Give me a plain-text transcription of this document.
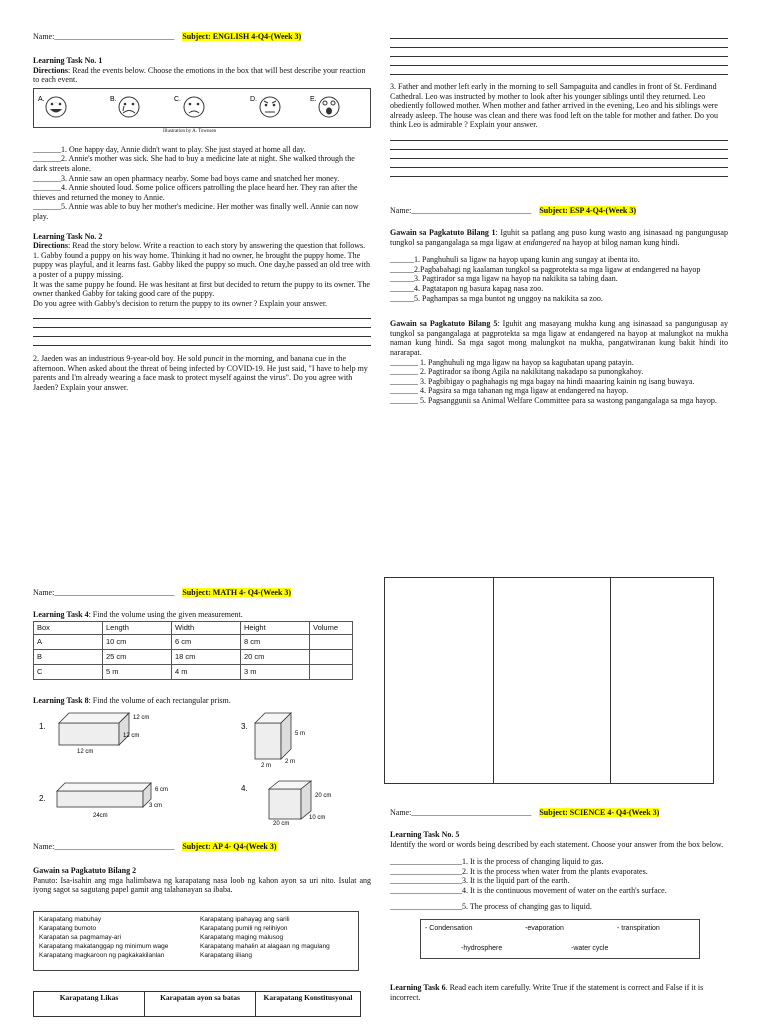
Name:______________________________ Subject: ENGLISH 4-Q4-(Week 3)

Learning Task No. 1

Directions: Read the events below. Choose the emotions in the box that will best describe your reaction to each event.

A.	B.	C.	D.	E.

Illustration by A. Townsen

_______1. One happy day, Annie didn't want to play. She just stayed at home all day.

_______2. Annie's mother was sick. She had to buy a medicine late at night. She walked through the dark streets alone.

_______3. Annie saw an open pharmacy nearby. Some bad boys came and snatched her money.

_______4. Annie shouted loud. Some police officers patrolling the place heard her. They ran after the thieves and returned the money to Annie.

_______5. Annie was able to buy her mother's medicine. Her mother was finally well. Annie can now play.

Learning Task No. 2

Directions: Read the story below. Write a reaction to each story by answering the question that follows.

1. Gabby found a puppy on his way home. Thinking it had no owner, he brought the puppy home. The puppy was playful, and it learns fast. Gabby liked the puppy so much. One day,he passed an old tree with a poster of a puppy missing.

It was the same puppy he found. He was hesitant at first but decided to return the puppy to its owner. The owner thanked Gabby for taking good care of the puppy.

Do you agree with Gabby's decision to return the puppy to its owner ? Explain your answer.

2. Jaeden was an industrious 9-year-old boy. He sold puncit in the morning, and banana cue in the afternoon. When asked about the threat of being infected by COVID-19. He just said, "I have to help my parents and I'm already wearing a face mask to protect myself against the virus". Do you agree with Jaeden? Explain your answer.

3. Father and mother left early in the morning to sell Sampaguita and candles in front of St. Ferdinand Cathedral. Leo was instructed by mother to look after his younger siblings until they returned. Leo obediently followed mother. When mother and father arrived in the evening, Leo and his siblings were already asleep. The house was clean and there was food left on the table for mother and father. Do you think Leo is admirable ? Explain your answer.

Name:______________________________ Subject: ESP 4-Q4-(Week 3)

Gawain sa Pagkatuto Bilang 1: Iguhit sa patlang ang puso kung wasto ang isinasaad ng pangungusap tungkol sa pangangalaga sa mga ligaw at endangered na hayop at bilog naman kung hindi.

______1. Panghuhuli sa ligaw na hayop upang kunin ang sungay at ibenta ito.

______2.Pagbabahagi ng kaalaman tungkol sa pagprotekta sa mga ligaw at endangered na hayop

______3. Pagtirador sa mga ligaw na hayop na nakikita sa tabing daan.

______4. Pagtatapon ng basura kapag nasa zoo.

______5. Paghampas sa mga buntot ng unggoy na nakikita sa zoo.

Gawain sa Pagkatuto Bilang 5: Iguhit ang masayang mukha kung ang isinasaad sa pangungusap ay tungkol sa pangangalaga at pagprotekta sa mga ligaw at endangered na hayop at malungkot na mukha naman kung hindi. Sa mga sagot mong malungkot na mukha, pangatwiranan kung bakit hindi ito nararapat.

_______ 1. Panghuhuli ng mga ligaw na hayop sa kagubatan upang patayin.

_______ 2. Pagtirador sa ibong Agila na nakikitang nakadapo sa punongkahoy.

_______ 3. Pagbibigay o paghahagis ng mga bagay na hindi maaaring kainin ng isang buwaya.

_______ 4. Pagsira sa mga tahanan ng mga ligaw at endangered na hayop.

_______ 5. Pagsanggunii sa Animal Welfare Committee para sa wastong pangangalaga sa mga hayop.

Name:______________________________ Subject: MATH 4- Q4-(Week 3)

Learning Task 4: Find the volume using the given measurement.

Box	Length	Width	Height	Volume
A	10 cm	6 cm	8 cm	
B	25 cm	18 cm	20 cm	
C	5 m	4 m	3 m	

Learning Task 8: Find the volume of each rectangular prism.

1.
12 cm
12 cm
12 cm
3.
5 m
2 m
2 m
2.
6 cm
3 cm
24cm
4.
20 cm
10 cm
20 cm
Name:______________________________ Subject: AP 4- Q4-(Week 3)

Gawain sa Pagkatuto Bilang 2

Panuto: Isa-isahin ang mga halimbawa ng karapatang nasa loob ng kahon ayon sa uri nito. Isulat ang iyong sagot sa sagutang papel gamit ang talahanayan sa ibaba.

Karapatang mabuhay
Karapatang bumoto
Karapatan sa pagmamay-ari
Karapatang makatanggap ng minimum wage
Karapatang magkaroon ng pagkakakilanlan
Karapatang ipahayag ang sarili
Karapatang pumili ng relihiyon
Karapatang maging malusog
Karapatang mahalin at alagaan ng magulang
Karapatang iiliang
Karapatang Likas	Karapatan ayon sa batas	Karapatang Konstitusyonal
Name:______________________________ Subject: SCIENCE 4- Q4-(Week 3)

Learning Task No. 5

Identify the word or words being described by each statement. Choose your answer from the box below.

__________________1. It is the process of changing liquid to gas.

__________________2. It is the process when water from the plants evaporates.

__________________3. It is the liquid part of the earth.

__________________4. It is the continuous movement of water on the earth's surface.

__________________5. The process of changing gas to liquid.

- Condensation	-evaporation	- transpiration
-hydrosphere	-water cycle

Learning Task 6. Read each item carefully. Write True if the statement is correct and False if it is incorrect.
